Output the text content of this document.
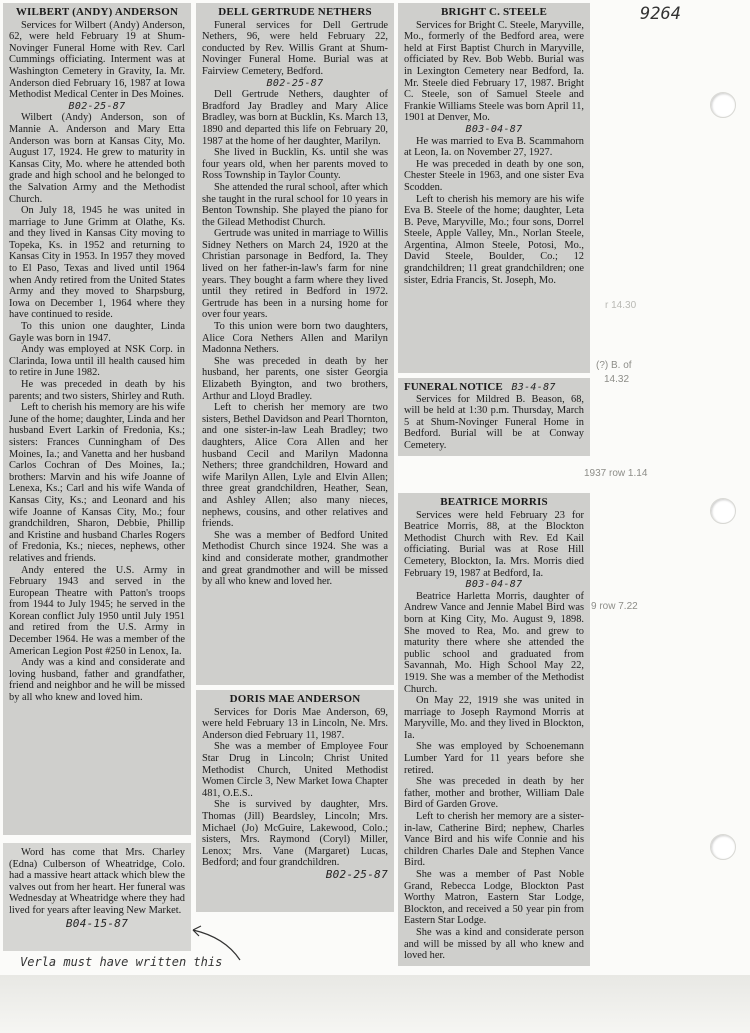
9264
r 14.30
(?) B. of
14.32
1937 row 1.14
9 row 7.22
WILBERT (ANDY) ANDERSON

Services for Wilbert (Andy) Anderson, 62, were held February 19 at Shum-Novinger Funeral Home with Rev. Carl Cummings officiating. Interment was at Washington Cemetery in Gravity, Ia. Mr. Anderson died February 16, 1987 at Iowa Methodist Medical Center in Des Moines.

B02-25-87

Wilbert (Andy) Anderson, son of Mannie A. Anderson and Mary Etta Anderson was born at Kansas City, Mo. August 17, 1924. He grew to maturity in Kansas City, Mo. where he attended both grade and high school and he belonged to the Salvation Army and the Methodist Church.

On July 18, 1945 he was united in marriage to June Grimm at Olathe, Ks. and they lived in Kansas City moving to Topeka, Ks. in 1952 and returning to Kansas City in 1953. In 1957 they moved to El Paso, Texas and lived until 1964 when Andy retired from the United States Army and they moved to Sharpsburg, Iowa on December 1, 1964 where they have continued to reside.

To this union one daughter, Linda Gayle was born in 1947.

Andy was employed at NSK Corp. in Clarinda, Iowa until ill health caused him to retire in June 1982.

He was preceded in death by his parents; and two sisters, Shirley and Ruth.

Left to cherish his memory are his wife June of the home; daughter, Linda and her husband Evert Larkin of Fredonia, Ks.; sisters: Frances Cunningham of Des Moines, Ia.; and Vanetta and her husband Carlos Cochran of Des Moines, Ia.; brothers: Marvin and his wife Joanne of Lenexa, Ks.; Carl and his wife Wanda of Kansas City, Ks.; and Leonard and his wife Joanne of Kansas City, Mo.; four grandchildren, Sharon, Debbie, Phillip and Kristine and husband Charles Rogers of Fredonia, Ks.; nieces, nephews, other relatives and friends.

Andy entered the U.S. Army in February 1943 and served in the European Theatre with Patton's troops from 1944 to July 1945; he served in the Korean conflict July 1950 until July 1951 and retired from the U.S. Army in December 1964. He was a member of the American Legion Post #250 in Lenox, Ia.

Andy was a kind and considerate and loving husband, father and grandfather, friend and neighbor and he will be missed by all who knew and loved him.

Word has come that Mrs. Charley (Edna) Culberson of Wheatridge, Colo. had a massive heart attack which blew the valves out from her heart. Her funeral was Wednesday at Wheatridge where they had lived for years after leaving New Market.

B04-15-87
Verla must have written this
DELL GERTRUDE NETHERS

Funeral services for Dell Gertrude Nethers, 96, were held February 22, conducted by Rev. Willis Grant at Shum-Novinger Funeral Home. Burial was at Fairview Cemetery, Bedford.

B02-25-87

Dell Gertrude Nethers, daughter of Bradford Jay Bradley and Mary Alice Bradley, was born at Bucklin, Ks. March 13, 1890 and departed this life on February 20, 1987 at the home of her daughter, Marilyn.

She lived in Bucklin, Ks. until she was four years old, when her parents moved to Ross Township in Taylor County.

She attended the rural school, after which she taught in the rural school for 10 years in Benton Township. She played the piano for the Gilead Methodist Church.

Gertrude was united in marriage to Willis Sidney Nethers on March 24, 1920 at the Christian parsonage in Bedford, Ia. They lived on her father-in-law's farm for nine years. They bought a farm where they lived until they retired in Bedford in 1972. Gertrude has been in a nursing home for over four years.

To this union were born two daughters, Alice Cora Nethers Allen and Marilyn Madonna Nethers.

She was preceded in death by her husband, her parents, one sister Georgia Elizabeth Byington, and two brothers, Arthur and Lloyd Bradley.

Left to cherish her memory are two sisters, Bethel Davidson and Pearl Thornton, and one sister-in-law Leah Bradley; two daughters, Alice Cora Allen and her husband Cecil and Marilyn Madonna Nethers; three grandchildren, Howard and wife Marilyn Allen, Lyle and Elvin Allen; three great grandchildren, Heather, Sean, and Ashley Allen; also many nieces, nephews, cousins, and other relatives and friends.

She was a member of Bedford United Methodist Church since 1924. She was a kind and considerate mother, grandmother and great grandmother and will be missed by all who knew and loved her.

DORIS MAE ANDERSON

Services for Doris Mae Anderson, 69, were held February 13 in Lincoln, Ne. Mrs. Anderson died February 11, 1987.

She was a member of Employee Four Star Drug in Lincoln; Christ United Methodist Church, United Methodist Women Circle 3, New Market Iowa Chapter 481, O.E.S..

She is survived by daughter, Mrs. Thomas (Jill) Beardsley, Lincoln; Mrs. Michael (Jo) McGuire, Lakewood, Colo.; sisters, Mrs. Raymond (Coryl) Miller, Lenox; Mrs. Vane (Margaret) Lucas, Bedford; and four grandchildren.

B02-25-87
BRIGHT C. STEELE

Services for Bright C. Steele, Maryville, Mo., formerly of the Bedford area, were held at First Baptist Church in Maryville, officiated by Rev. Bob Webb. Burial was in Lexington Cemetery near Bedford, Ia. Mr. Steele died February 17, 1987. Bright C. Steele, son of Samuel Steele and Frankie Williams Steele was born April 11, 1901 at Denver, Mo.

B03-04-87

He was married to Eva B. Scammahorn at Leon, Ia. on November 27, 1927.

He was preceded in death by one son, Chester Steele in 1963, and one sister Eva Scodden.

Left to cherish his memory are his wife Eva B. Steele of the home; daughter, Leta B. Peve, Maryville, Mo.; four sons, Dorrel Steele, Apple Valley, Mn., Norlan Steele, Argentina, Almon Steele, Potosi, Mo., David Steele, Boulder, Co.; 12 grandchildren; 11 great grandchildren; one sister, Edria Francis, St. Joseph, Mo.

FUNERAL NOTICE B3-4-87

Services for Mildred B. Beason, 68, will be held at 1:30 p.m. Thursday, March 5 at Shum-Novinger Funeral Home in Bedford. Burial will be at Conway Cemetery.

BEATRICE MORRIS

Services were held February 23 for Beatrice Morris, 88, at the Blockton Methodist Church with Rev. Ed Kail officiating. Burial was at Rose Hill Cemetery, Blockton, Ia. Mrs. Morris died February 19, 1987 at Bedford, Ia.

B03-04-87

Beatrice Harletta Morris, daughter of Andrew Vance and Jennie Mabel Bird was born at King City, Mo. August 9, 1898. She moved to Rea, Mo. and grew to maturity there where she attended the public school and graduated from Savannah, Mo. High School May 22, 1919. She was a member of the Methodist Church.

On May 22, 1919 she was united in marriage to Joseph Raymond Morris at Maryville, Mo. and they lived in Blockton, Ia.

She was employed by Schoenemann Lumber Yard for 11 years before she retired.

She was preceded in death by her father, mother and brother, William Dale Bird of Garden Grove.

Left to cherish her memory are a sister-in-law, Catherine Bird; nephew, Charles Vance Bird and his wife Connie and his children Charles Dale and Stephen Vance Bird.

She was a member of Past Noble Grand, Rebecca Lodge, Blockton Past Worthy Matron, Eastern Star Lodge, Blockton, and received a 50 year pin from Eastern Star Lodge.

She was a kind and considerate person and will be missed by all who knew and loved her.
